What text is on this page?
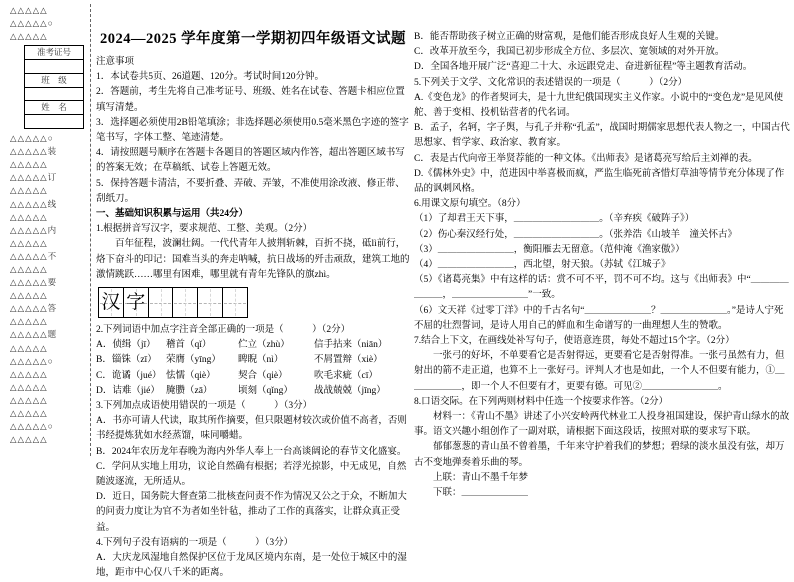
△△△△△
△△△△△○
△△△△△
准考证号
班　级
姓　名
△△△△△○
△△△△△装
△△△△△
△△△△△订
△△△△△
△△△△△线
△△△△△
△△△△△内
△△△△△
△△△△△不
△△△△△
△△△△△要
△△△△△
△△△△△答
△△△△△
△△△△△题
△△△△△
△△△△△○
△△△△△
△△△△△
△△△△△
△△△△△
△△△△△○
△△△△△
2024—2025 学年度第一学期初四年级语文试题
注意事项
1．本试卷共5页、26道题、120分。考试时间120分钟。
2．答题前，考生先将自己准考证号、班级、姓名在试卷、答题卡相应位置填写清楚。
3．选择题必须使用2B铅笔填涂；非选择题必须使用0.5毫米黑色字迹的签字笔书写，字体工整、笔迹清楚。
4．请按照题号顺序在答题卡各题目的答题区域内作答，超出答题区域书写的答案无效；在草稿纸、试卷上答题无效。
5．保持答题卡清洁，不要折叠、弄破、弄皱，不准使用涂改液、修正带、刮纸刀。
一、基础知识积累与运用（共24分）
1.根据拼音写汉字，要求规范、工整、美观。（2分）
百年征程，波澜壮阔。一代代青年人披荆斩棘，百折不挠，砥lì前行，烙下奋斗的印记：国难当头的奔走呐喊，抗日战场的歼击顽敌，建筑工地的激情跳跃……哪里有困难，哪里就有青年先锋队的旗zhì。
汉 字
2.下列词语中加点字注音全部正确的一项是（　　　）（2分）
A．侦缉（jī）	稽首（qǐ）	伫立（zhù）	信手拈来（niān）
B．锱铢（zī） 荣膺（yīng）	睥睨（nì）	不屑置辩（xiè）
C．诡谲（jué） 怯懦（qiè）	契合（qiè）	吹毛求疵（cī）
D．诘难（jié） 腌臜（zā）	顷刻（qǐng）	战战兢兢（jīng）
3.下列加点成语使用错误的一项是（　　　）（3分）
A．书亦可请人代读，取其所作摘要，但只限题材较次或价值不高者，否则书经提炼犹如水经蒸馏，味同嚼蜡。
B．2024年农历龙年春晚为海内外华人奉上一台高谈阔论的春节文化盛宴。
C．学问从实地上用功，议论自然确有根据；若浮光掠影，中无成见，自然随波逐流，无所适从。
D．近日，国务院大督查第二批核查问责不作为情况又公之于众，不断加大的问责力度让为官不为者如坐针毡，推动了工作的真落实，让群众真正受益。
4.下列句子没有语病的一项是（　　　）（3分）
A．大庆龙凤湿地自然保护区位于龙凤区境内东南，是一处位于城区中的湿地，距市中心仅八千米的距离。
B．能否帮助孩子树立正确的财富观，是他们能否形成良好人生观的关键。
C．改革开放至今，我国已初步形成全方位、多层次、宽领域的对外开放。
D．全国各地开展广泛“喜迎二十大、永远跟党走、奋进新征程”等主题教育活动。
5.下列关于文学、文化常识的表述错误的一项是（　　　）（2分）
A.《变色龙》的作者契诃夫，是十九世纪俄国现实主义作家。小说中的“变色龙”是见风使舵、善于变相、投机钻营者的代名词。
B．孟子，名轲，字子舆，与孔子并称“孔孟”，战国时期儒家思想代表人物之一，中国古代思想家、哲学家、政治家、教育家。
C．表是古代向帝王举贤荐能的一种文体。《出师表》是诸葛亮写给后主刘禅的表。
D.《儒林外史》中，范进因中举喜极而疯，严监生临死前吝惜灯草油等情节充分体现了作品的讽刺风格。
6.用课文原句填空。（8分）
（1）了却君王天下事，＿＿＿＿＿＿＿＿＿。（辛弃疾《破阵子》）
（2）伤心秦汉经行处，＿＿＿＿＿＿＿＿＿。（张养浩《山坡羊　潼关怀古》
（3）＿＿＿＿＿＿＿＿，衡阳雁去无留意。（范仲淹《渔家傲》）
（4）＿＿＿＿＿＿＿＿，西北望，射天狼。（苏轼《江城子》
（5）《诸葛亮集》中有这样的话：赏不可不平，罚不可不均。这与《出师表》中“＿＿＿＿＿＿＿，＿＿＿＿＿＿＿＿”一致。
（6）文天祥《过零丁洋》中的千古名句“＿＿＿＿＿＿＿？＿＿＿＿＿＿＿。”是诗人宁死不屈的壮烈誓词，是诗人用自己的鲜血和生命谱写的一曲理想人生的赞歌。
7.结合上下文，在画线处补写句子，使语意连贯，每处不超过15个字。（2分）
一张弓的好坏，不单要看它是否射得远，更要看它是否射得准。一张弓虽然有力，但射出的箭不走正道，也算不上一张好弓。评判人才也是如此，一个人不但要有能力，①＿＿＿＿＿＿，即一个人不但要有才，更要有德。可见②＿＿＿＿＿＿＿＿。
8.口语交际。在下列两则材料中任选一个按要求作答。（2分）
材料一：《青山不墨》讲述了小兴安岭两代林业工人投身祖国建设，保护青山绿水的故事。语文兴趣小组创作了一副对联，请根据下面这段话，按照对联的要求写下联。
郁郁葱葱的青山虽不曾着墨，千年来守护着我们的梦想；碧绿的淡水虽没有弦，却万古不变地弹奏着乐曲的琴。
上联：青山不墨千年梦
下联：＿＿＿＿＿＿＿
